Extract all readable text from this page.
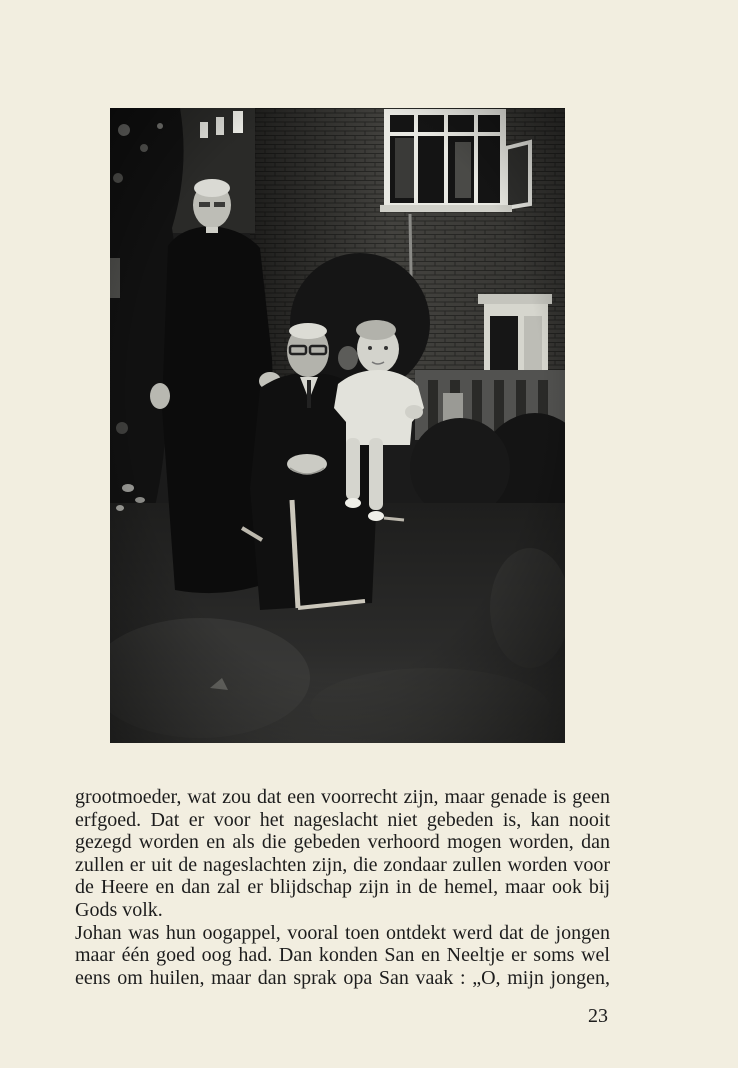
grootmoeder, wat zou dat een voorrecht zijn, maar genade is geen
erfgoed. Dat er voor het nageslacht niet gebeden is, kan nooit
gezegd worden en als die gebeden verhoord mogen worden, dan
zullen er uit de nageslachten zijn, die zondaar zullen worden voor
de Heere en dan zal er blijdschap zijn in de hemel, maar ook bij
Gods volk.
Johan was hun oogappel, vooral toen ontdekt werd dat de jongen
maar één goed oog had. Dan konden San en Neeltje er soms wel
eens om huilen, maar dan sprak opa San vaak : „O, mijn jongen,
23
